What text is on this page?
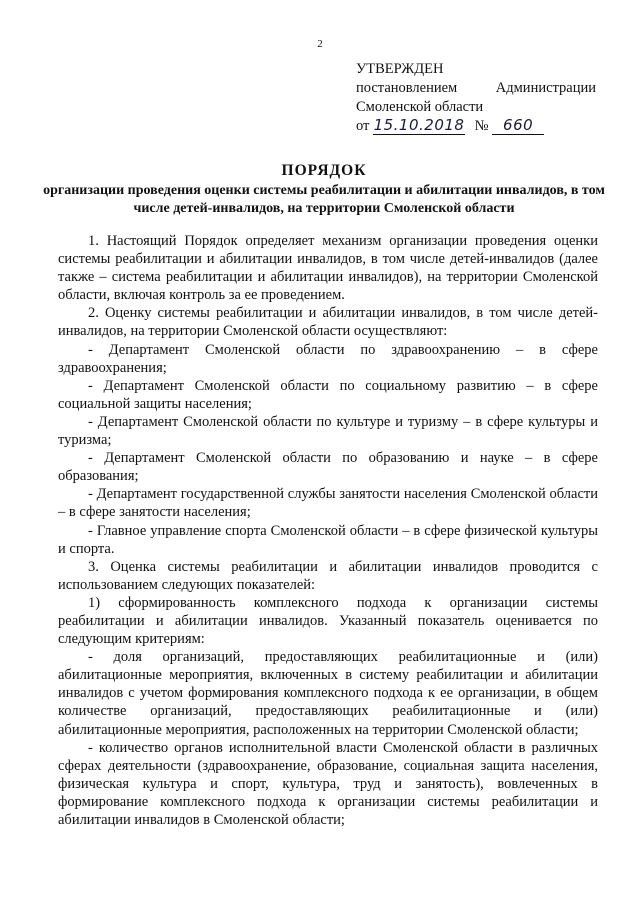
2
УТВЕРЖДЕН
постановлением	Администрации
Смоленской области
от 15.10.2018 № 660
ПОРЯДОК
организации проведения оценки системы реабилитации и абилитации инвалидов, в том числе детей-инвалидов, на территории Смоленской области

1. Настоящий Порядок определяет механизм организации проведения оценки системы реабилитации и абилитации инвалидов, в том числе детей-инвалидов (далее также – система реабилитации и абилитации инвалидов), на территории Смоленской области, включая контроль за ее проведением.

2. Оценку системы реабилитации и абилитации инвалидов, в том числе детей-инвалидов, на территории Смоленской области осуществляют:

- Департамент Смоленской области по здравоохранению – в сфере здравоохранения;

- Департамент Смоленской области по социальному развитию – в сфере социальной защиты населения;

- Департамент Смоленской области по культуре и туризму – в сфере культуры и туризма;

- Департамент Смоленской области по образованию и науке – в сфере образования;

- Департамент государственной службы занятости населения Смоленской области – в сфере занятости населения;

- Главное управление спорта Смоленской области – в сфере физической культуры и спорта.

3. Оценка системы реабилитации и абилитации инвалидов проводится с использованием следующих показателей:

1) сформированность комплексного подхода к организации системы реабилитации и абилитации инвалидов. Указанный показатель оценивается по следующим критериям:

- доля организаций, предоставляющих реабилитационные и (или) абилитационные мероприятия, включенных в систему реабилитации и абилитации инвалидов с учетом формирования комплексного подхода к ее организации, в общем количестве организаций, предоставляющих реабилитационные и (или) абилитационные мероприятия, расположенных на территории Смоленской области;

- количество органов исполнительной власти Смоленской области в различных сферах деятельности (здравоохранение, образование, социальная защита населения, физическая культура и спорт, культура, труд и занятость), вовлеченных в формирование комплексного подхода к организации системы реабилитации и абилитации инвалидов в Смоленской области;
